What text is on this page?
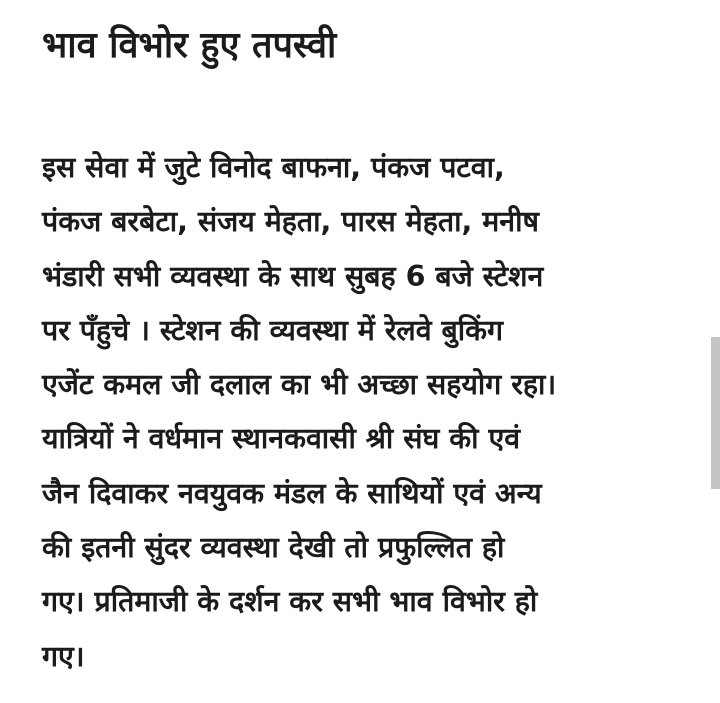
भाव विभोर हुए तपस्वी
इस सेवा में जुटे विनोद बाफना, पंकज पटवा,
पंकज बरबेटा, संजय मेहता, पारस मेहता, मनीष
भंडारी सभी व्यवस्था के साथ सुबह 6 बजे स्टेशन
पर पँहुचे । स्टेशन की व्यवस्था में रेलवे बुकिंग
एजेंट कमल जी दलाल का भी अच्छा सहयोग रहा।
यात्रियों ने वर्धमान स्थानकवासी श्री संघ की एवं
जैन दिवाकर नवयुवक मंडल के साथियों एवं अन्य
की इतनी सुंदर व्यवस्था देखी तो प्रफुल्लित हो
गए। प्रतिमाजी के दर्शन कर सभी भाव विभोर हो
गए।
